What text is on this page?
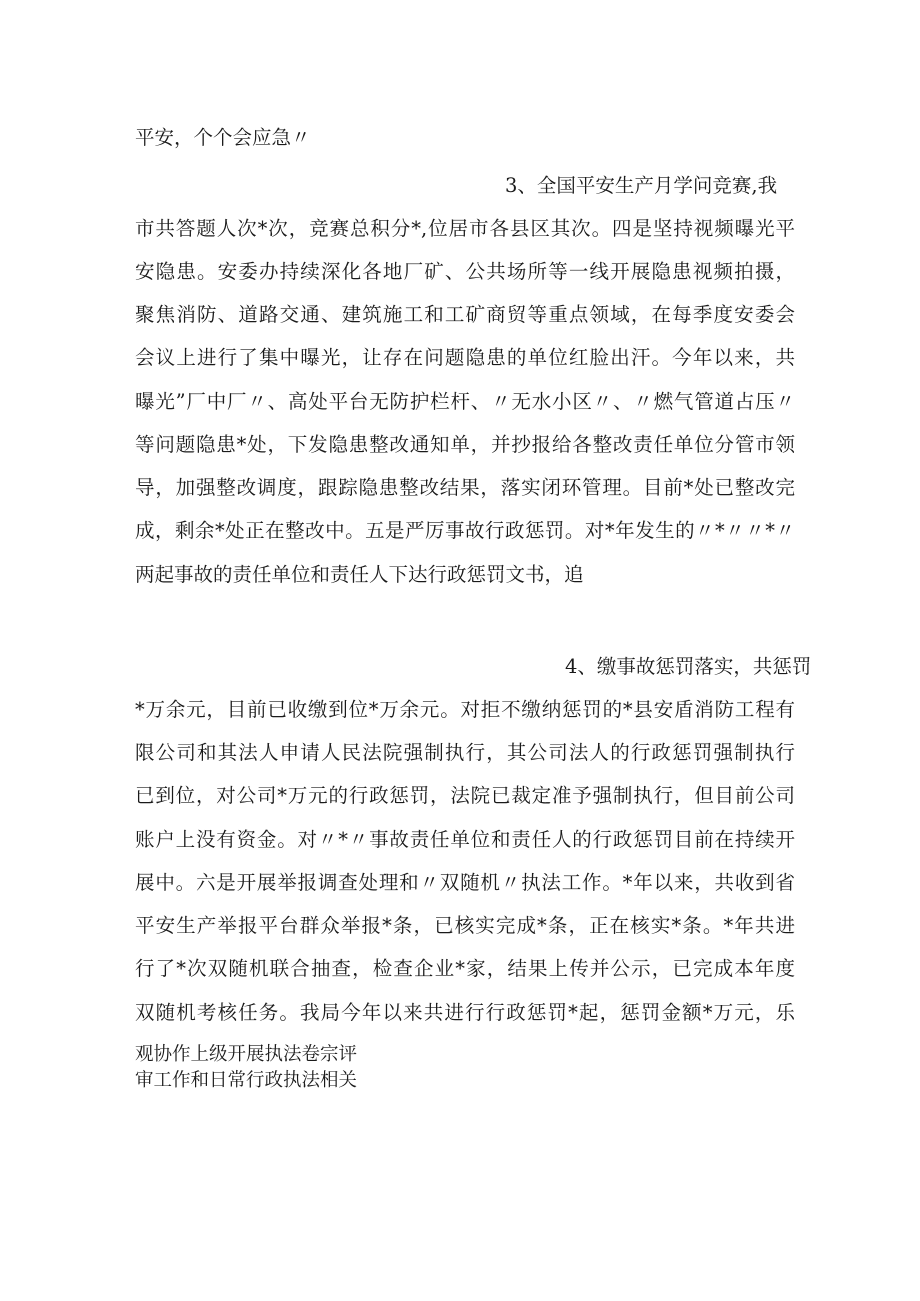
平安，个个会应急〃
3、全国平安生产月学问竞赛,我
市共答题人次*次，竞赛总积分*,位居市各县区其次。四是坚持视频曝光平
安隐患。安委办持续深化各地厂矿、公共场所等一线开展隐患视频拍摄，
聚焦消防、道路交通、建筑施工和工矿商贸等重点领域，在每季度安委会
会议上进行了集中曝光，让存在问题隐患的单位红脸出汗。今年以来，共
曝光”厂中厂〃、高处平台无防护栏杆、〃无水小区〃、〃燃气管道占压〃
等问题隐患*处，下发隐患整改通知单，并抄报给各整改责任单位分管市领
导，加强整改调度，跟踪隐患整改结果，落实闭环管理。目前*处已整改完
成，剩余*处正在整改中。五是严厉事故行政惩罚。对*年发生的〃*〃〃*〃
两起事故的责任单位和责任人下达行政惩罚文书，追
4、缴事故惩罚落实，共惩罚
*万余元，目前已收缴到位*万余元。对拒不缴纳惩罚的*县安盾消防工程有
限公司和其法人申请人民法院强制执行，其公司法人的行政惩罚强制执行
已到位，对公司*万元的行政惩罚，法院已裁定准予强制执行，但目前公司
账户上没有资金。对〃*〃事故责任单位和责任人的行政惩罚目前在持续开
展中。六是开展举报调查处理和〃双随机〃执法工作。*年以来，共收到省
平安生产举报平台群众举报*条，已核实完成*条，正在核实*条。*年共进
行了*次双随机联合抽查，检查企业*家，结果上传并公示，已完成本年度
双随机考核任务。我局今年以来共进行行政惩罚*起，惩罚金额*万元，乐
观协作上级开展执法卷宗评
审工作和日常行政执法相关
